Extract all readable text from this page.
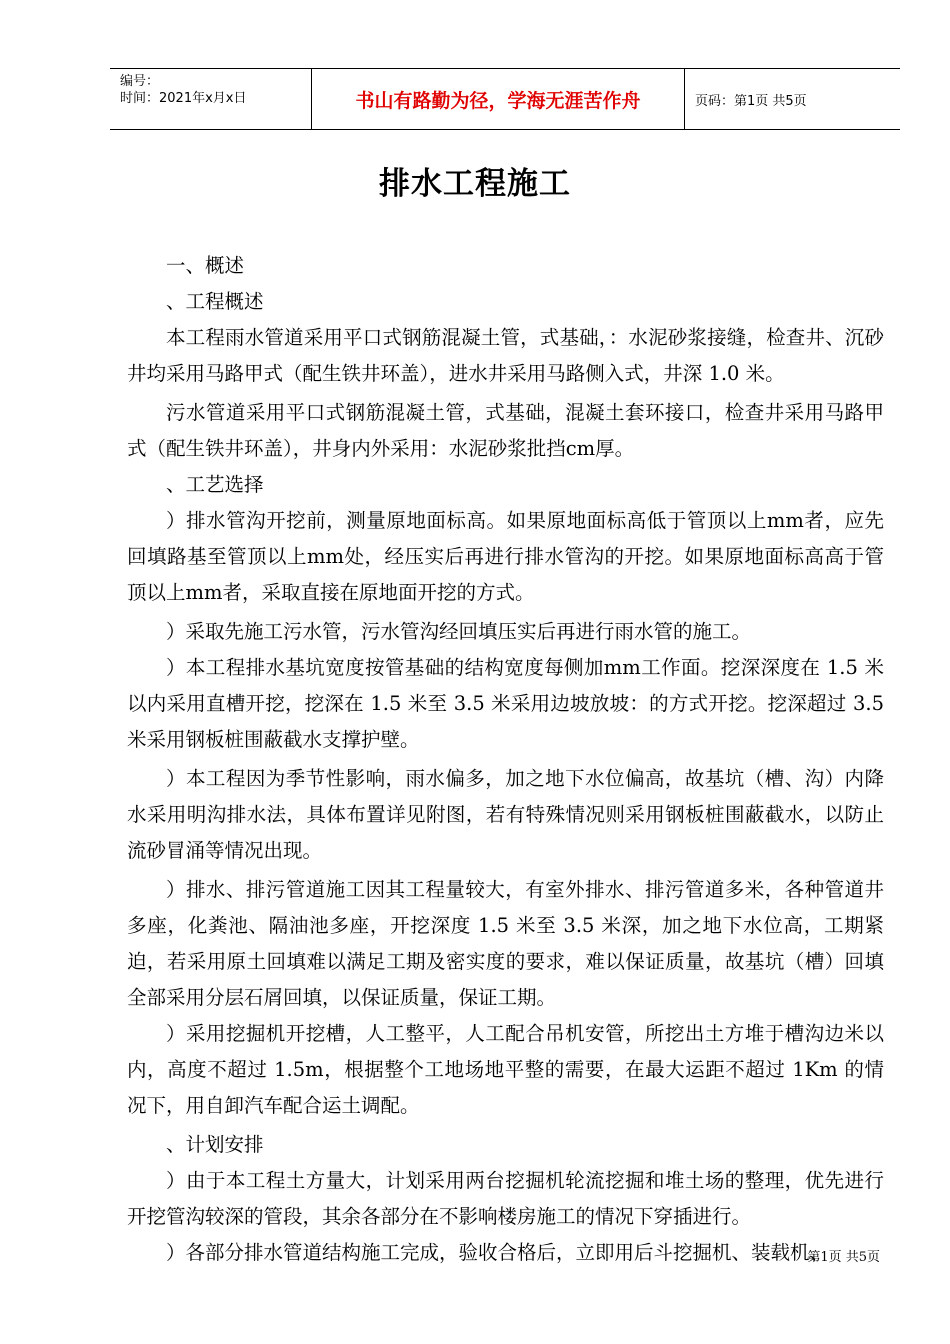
编号：
时间：2021年x月x日	书山有路勤为径，学海无涯苦作舟	页码：第1页 共5页
排水工程施工

一、概述

、工程概述

本工程雨水管道采用平口式钢筋混凝土管，式基础，：水泥砂浆接缝，检查井、沉砂井均采用马路甲式（配生铁井环盖），进水井采用马路侧入式，井深 1.0 米。

污水管道采用平口式钢筋混凝土管，式基础，混凝土套环接口，检查井采用马路甲式（配生铁井环盖），井身内外采用：水泥砂浆批挡cm厚。

、工艺选择

）排水管沟开挖前，测量原地面标高。如果原地面标高低于管顶以上mm者，应先回填路基至管顶以上mm处，经压实后再进行排水管沟的开挖。如果原地面标高高于管顶以上mm者，采取直接在原地面开挖的方式。

）采取先施工污水管，污水管沟经回填压实后再进行雨水管的施工。

）本工程排水基坑宽度按管基础的结构宽度每侧加mm工作面。挖深深度在 1.5 米以内采用直槽开挖，挖深在 1.5 米至 3.5 米采用边坡放坡：的方式开挖。挖深超过 3.5 米采用钢板桩围蔽截水支撑护壁。

）本工程因为季节性影响，雨水偏多，加之地下水位偏高，故基坑（槽、沟）内降水采用明沟排水法，具体布置详见附图，若有特殊情况则采用钢板桩围蔽截水，以防止流砂冒涌等情况出现。

）排水、排污管道施工因其工程量较大，有室外排水、排污管道多米，各种管道井多座，化粪池、隔油池多座，开挖深度 1.5 米至 3.5 米深，加之地下水位高，工期紧迫，若采用原土回填难以满足工期及密实度的要求，难以保证质量，故基坑（槽）回填全部采用分层石屑回填，以保证质量，保证工期。

）采用挖掘机开挖槽，人工整平，人工配合吊机安管，所挖出土方堆于槽沟边米以内，高度不超过 1.5m，根据整个工地场地平整的需要，在最大运距不超过 1Km 的情况下，用自卸汽车配合运土调配。

、计划安排

）由于本工程土方量大，计划采用两台挖掘机轮流挖掘和堆土场的整理，优先进行开挖管沟较深的管段，其余各部分在不影响楼房施工的情况下穿插进行。

）各部分排水管道结构施工完成，验收合格后，立即用后斗挖掘机、装载机、

第1页 共5页
